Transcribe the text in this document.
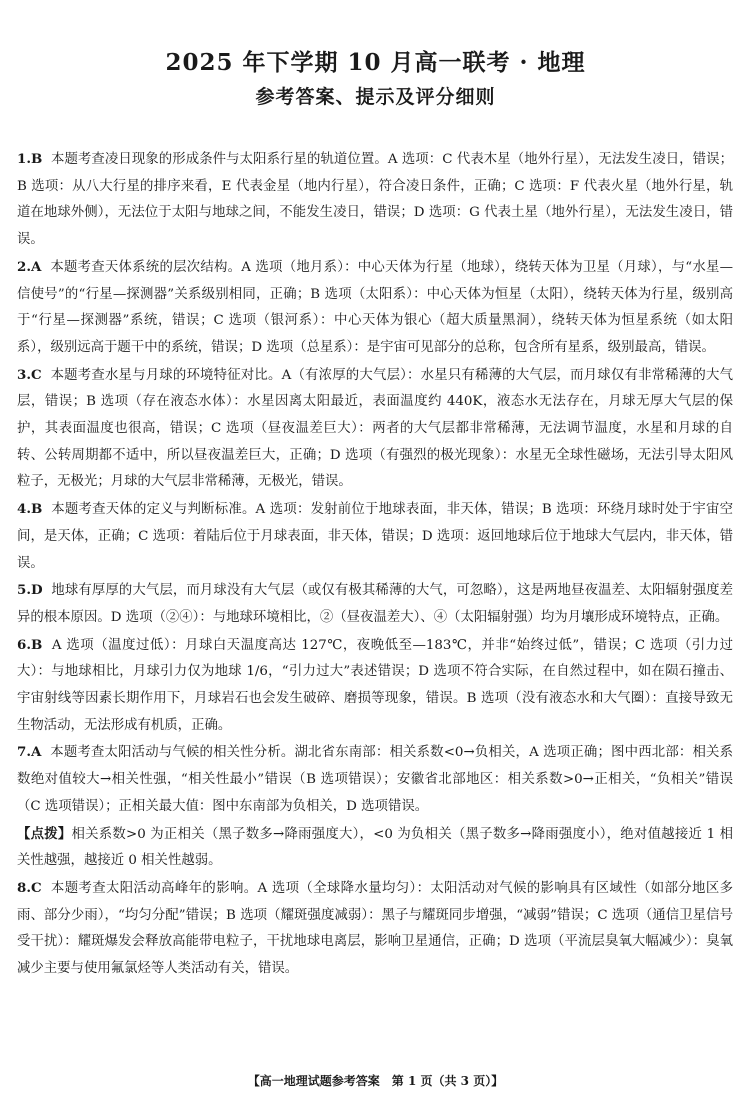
2025 年下学期 10 月高一联考 · 地理
参考答案、提示及评分细则

1.B 本题考查凌日现象的形成条件与太阳系行星的轨道位置。A 选项：C 代表木星（地外行星），无法发生凌日，错误；B 选项：从八大行星的排序来看，E 代表金星（地内行星），符合凌日条件，正确；C 选项：F 代表火星（地外行星，轨道在地球外侧），无法位于太阳与地球之间，不能发生凌日，错误；D 选项：G 代表土星（地外行星），无法发生凌日，错误。

2.A 本题考查天体系统的层次结构。A 选项（地月系）：中心天体为行星（地球），绕转天体为卫星（月球），与“水星—信使号”的“行星—探测器”关系级别相同，正确；B 选项（太阳系）：中心天体为恒星（太阳），绕转天体为行星，级别高于“行星—探测器”系统，错误；C 选项（银河系）：中心天体为银心（超大质量黑洞），绕转天体为恒星系统（如太阳系），级别远高于题干中的系统，错误；D 选项（总星系）：是宇宙可见部分的总称，包含所有星系，级别最高，错误。

3.C 本题考查水星与月球的环境特征对比。A（有浓厚的大气层）：水星只有稀薄的大气层，而月球仅有非常稀薄的大气层，错误；B 选项（存在液态水体）：水星因离太阳最近，表面温度约 440K，液态水无法存在，月球无厚大气层的保护，其表面温度也很高，错误；C 选项（昼夜温差巨大）：两者的大气层都非常稀薄，无法调节温度，水星和月球的自转、公转周期都不适中，所以昼夜温差巨大，正确；D 选项（有强烈的极光现象）：水星无全球性磁场，无法引导太阳风粒子，无极光；月球的大气层非常稀薄，无极光，错误。

4.B 本题考查天体的定义与判断标准。A 选项：发射前位于地球表面，非天体，错误；B 选项：环绕月球时处于宇宙空间，是天体，正确；C 选项：着陆后位于月球表面，非天体，错误；D 选项：返回地球后位于地球大气层内，非天体，错误。

5.D 地球有厚厚的大气层，而月球没有大气层（或仅有极其稀薄的大气，可忽略），这是两地昼夜温差、太阳辐射强度差异的根本原因。D 选项（②④）：与地球环境相比，②（昼夜温差大）、④（太阳辐射强）均为月壤形成环境特点，正确。

6.B A 选项（温度过低）：月球白天温度高达 127℃，夜晚低至—183℃，并非“始终过低”，错误；C 选项（引力过大）：与地球相比，月球引力仅为地球 1/6，“引力过大”表述错误；D 选项不符合实际，在自然过程中，如在陨石撞击、宇宙射线等因素长期作用下，月球岩石也会发生破碎、磨损等现象，错误。B 选项（没有液态水和大气圈）：直接导致无生物活动，无法形成有机质，正确。

7.A 本题考查太阳活动与气候的相关性分析。湖北省东南部：相关系数<0→负相关，A 选项正确；图中西北部：相关系数绝对值较大→相关性强，“相关性最小”错误（B 选项错误）；安徽省北部地区：相关系数>0→正相关，“负相关”错误（C 选项错误）；正相关最大值：图中东南部为负相关，D 选项错误。

【点拨】相关系数>0 为正相关（黑子数多→降雨强度大），<0 为负相关（黑子数多→降雨强度小），绝对值越接近 1 相关性越强，越接近 0 相关性越弱。

8.C 本题考查太阳活动高峰年的影响。A 选项（全球降水量均匀）：太阳活动对气候的影响具有区域性（如部分地区多雨、部分少雨），“均匀分配”错误；B 选项（耀斑强度减弱）：黑子与耀斑同步增强，“减弱”错误；C 选项（通信卫星信号受干扰）：耀斑爆发会释放高能带电粒子，干扰地球电离层，影响卫星通信，正确；D 选项（平流层臭氧大幅减少）：臭氧减少主要与使用氟氯烃等人类活动有关，错误。

【高一地理试题参考答案　第 1 页（共 3 页）】
